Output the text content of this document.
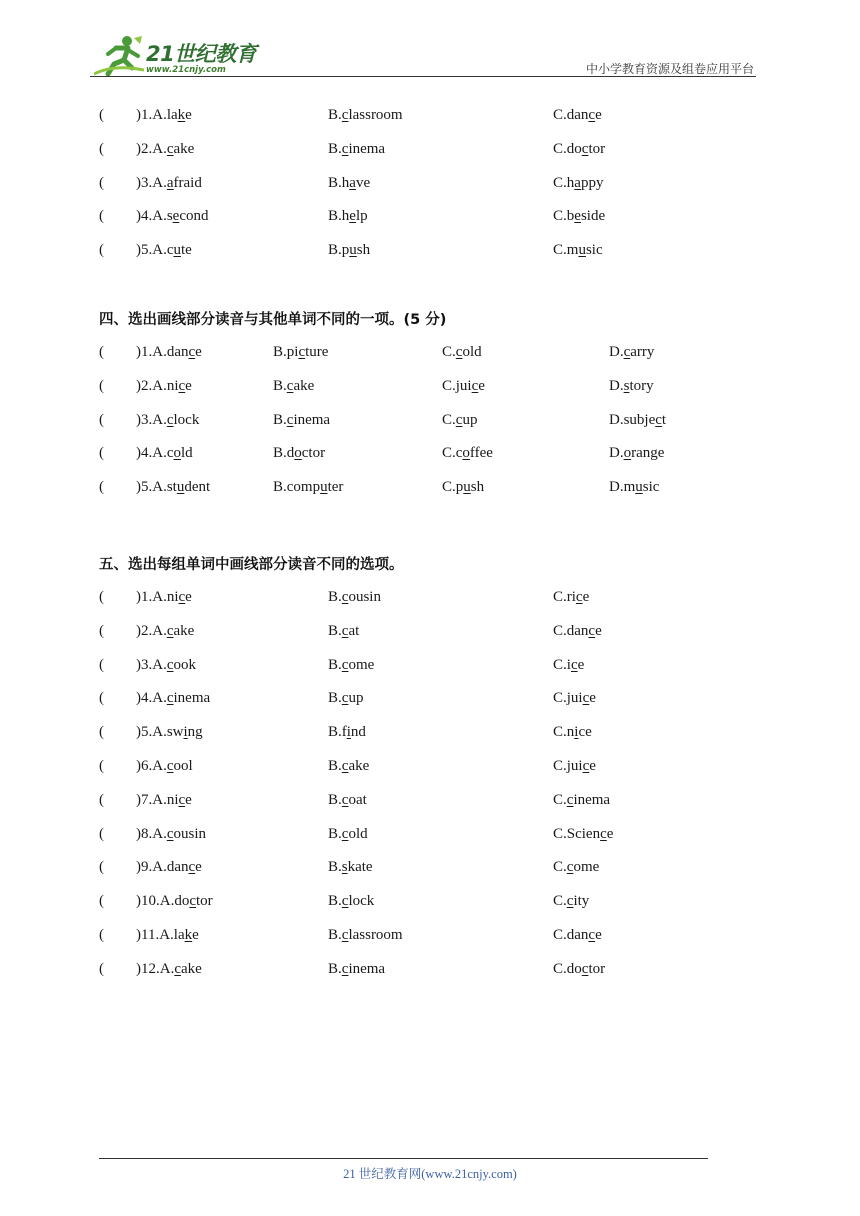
21世纪教育
www.21cnjy.com	中小学教育资源及组卷应用平台
( )1.A.lake	B.classroom	C.dance
( )2.A.cake	B.cinema	C.doctor
( )3.A.afraid	B.have	C.happy
( )4.A.second	B.help	C.beside
( )5.A.cute	B.push	C.music
四、选出画线部分读音与其他单词不同的一项。(5 分)
( )1.A.dance	B.picture	C.cold	D.carry
( )2.A.nice	B.cake	C.juice	D.story
( )3.A.clock	B.cinema	C.cup	D.subject
( )4.A.cold	B.doctor	C.coffee	D.orange
( )5.A.student	B.computer	C.push	D.music
五、选出每组单词中画线部分读音不同的选项。
( )1.A.nice	B.cousin	C.rice
( )2.A.cake	B.cat	C.dance
( )3.A.cook	B.come	C.ice
( )4.A.cinema	B.cup	C.juice
( )5.A.swing	B.find	C.nice
( )6.A.cool	B.cake	C.juice
( )7.A.nice	B.coat	C.cinema
( )8.A.cousin	B.cold	C.Science
( )9.A.dance	B.skate	C.come
( )10.A.doctor	B.clock	C.city
( )11.A.lake	B.classroom	C.dance
( )12.A.cake	B.cinema	C.doctor
21 世纪教育网(www.21cnjy.com)
